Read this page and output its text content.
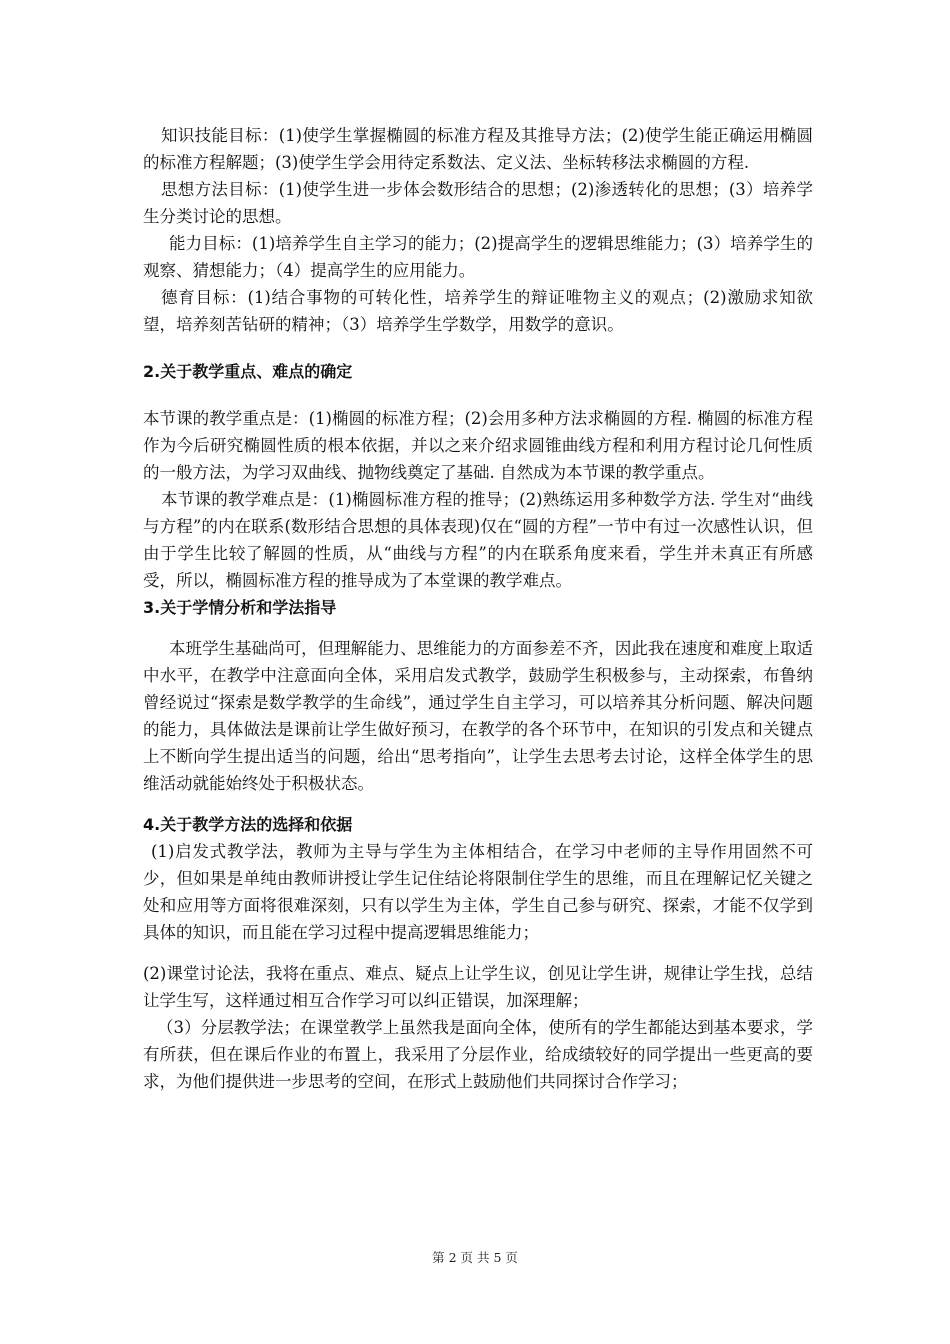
知识技能目标：(1)使学生掌握椭圆的标准方程及其推导方法；(2)使学生能正确运用椭圆的标准方程解题；(3)使学生学会用待定系数法、定义法、坐标转移法求椭圆的方程.

思想方法目标：(1)使学生进一步体会数形结合的思想；(2)渗透转化的思想；(3）培养学生分类讨论的思想。

能力目标：(1)培养学生自主学习的能力；(2)提高学生的逻辑思维能力；(3）培养学生的观察、猜想能力；（4）提高学生的应用能力。

德育目标：(1)结合事物的可转化性，培养学生的辩证唯物主义的观点；(2)激励求知欲望，培养刻苦钻研的精神；（3）培养学生学数学，用数学的意识。

2.关于教学重点、难点的确定

本节课的教学重点是：(1)椭圆的标准方程；(2)会用多种方法求椭圆的方程. 椭圆的标准方程作为今后研究椭圆性质的根本依据，并以之来介绍求圆锥曲线方程和利用方程讨论几何性质的一般方法，为学习双曲线、抛物线奠定了基础. 自然成为本节课的教学重点。

本节课的教学难点是：(1)椭圆标准方程的推导；(2)熟练运用多种数学方法. 学生对“曲线与方程”的内在联系(数形结合思想的具体表现)仅在“圆的方程”一节中有过一次感性认识，但由于学生比较了解圆的性质，从“曲线与方程”的内在联系角度来看，学生并未真正有所感受，所以，椭圆标准方程的推导成为了本堂课的教学难点。

3.关于学情分析和学法指导

本班学生基础尚可，但理解能力、思维能力的方面参差不齐，因此我在速度和难度上取适中水平，在教学中注意面向全体，采用启发式教学，鼓励学生积极参与，主动探索，布鲁纳曾经说过“探索是数学教学的生命线”，通过学生自主学习，可以培养其分析问题、解决问题的能力，具体做法是课前让学生做好预习，在教学的各个环节中，在知识的引发点和关键点上不断向学生提出适当的问题，给出“思考指向”，让学生去思考去讨论，这样全体学生的思维活动就能始终处于积极状态。

4.关于教学方法的选择和依据

(1)启发式教学法，教师为主导与学生为主体相结合，在学习中老师的主导作用固然不可少，但如果是单纯由教师讲授让学生记住结论将限制住学生的思维，而且在理解记忆关键之处和应用等方面将很难深刻，只有以学生为主体，学生自己参与研究、探索，才能不仅学到具体的知识，而且能在学习过程中提高逻辑思维能力；

(2)课堂讨论法，我将在重点、难点、疑点上让学生议，创见让学生讲，规律让学生找，总结让学生写，这样通过相互合作学习可以纠正错误，加深理解；

（3）分层教学法；在课堂教学上虽然我是面向全体，使所有的学生都能达到基本要求，学有所获，但在课后作业的布置上，我采用了分层作业，给成绩较好的同学提出一些更高的要求，为他们提供进一步思考的空间，在形式上鼓励他们共同探讨合作学习；

第 2 页 共 5 页
